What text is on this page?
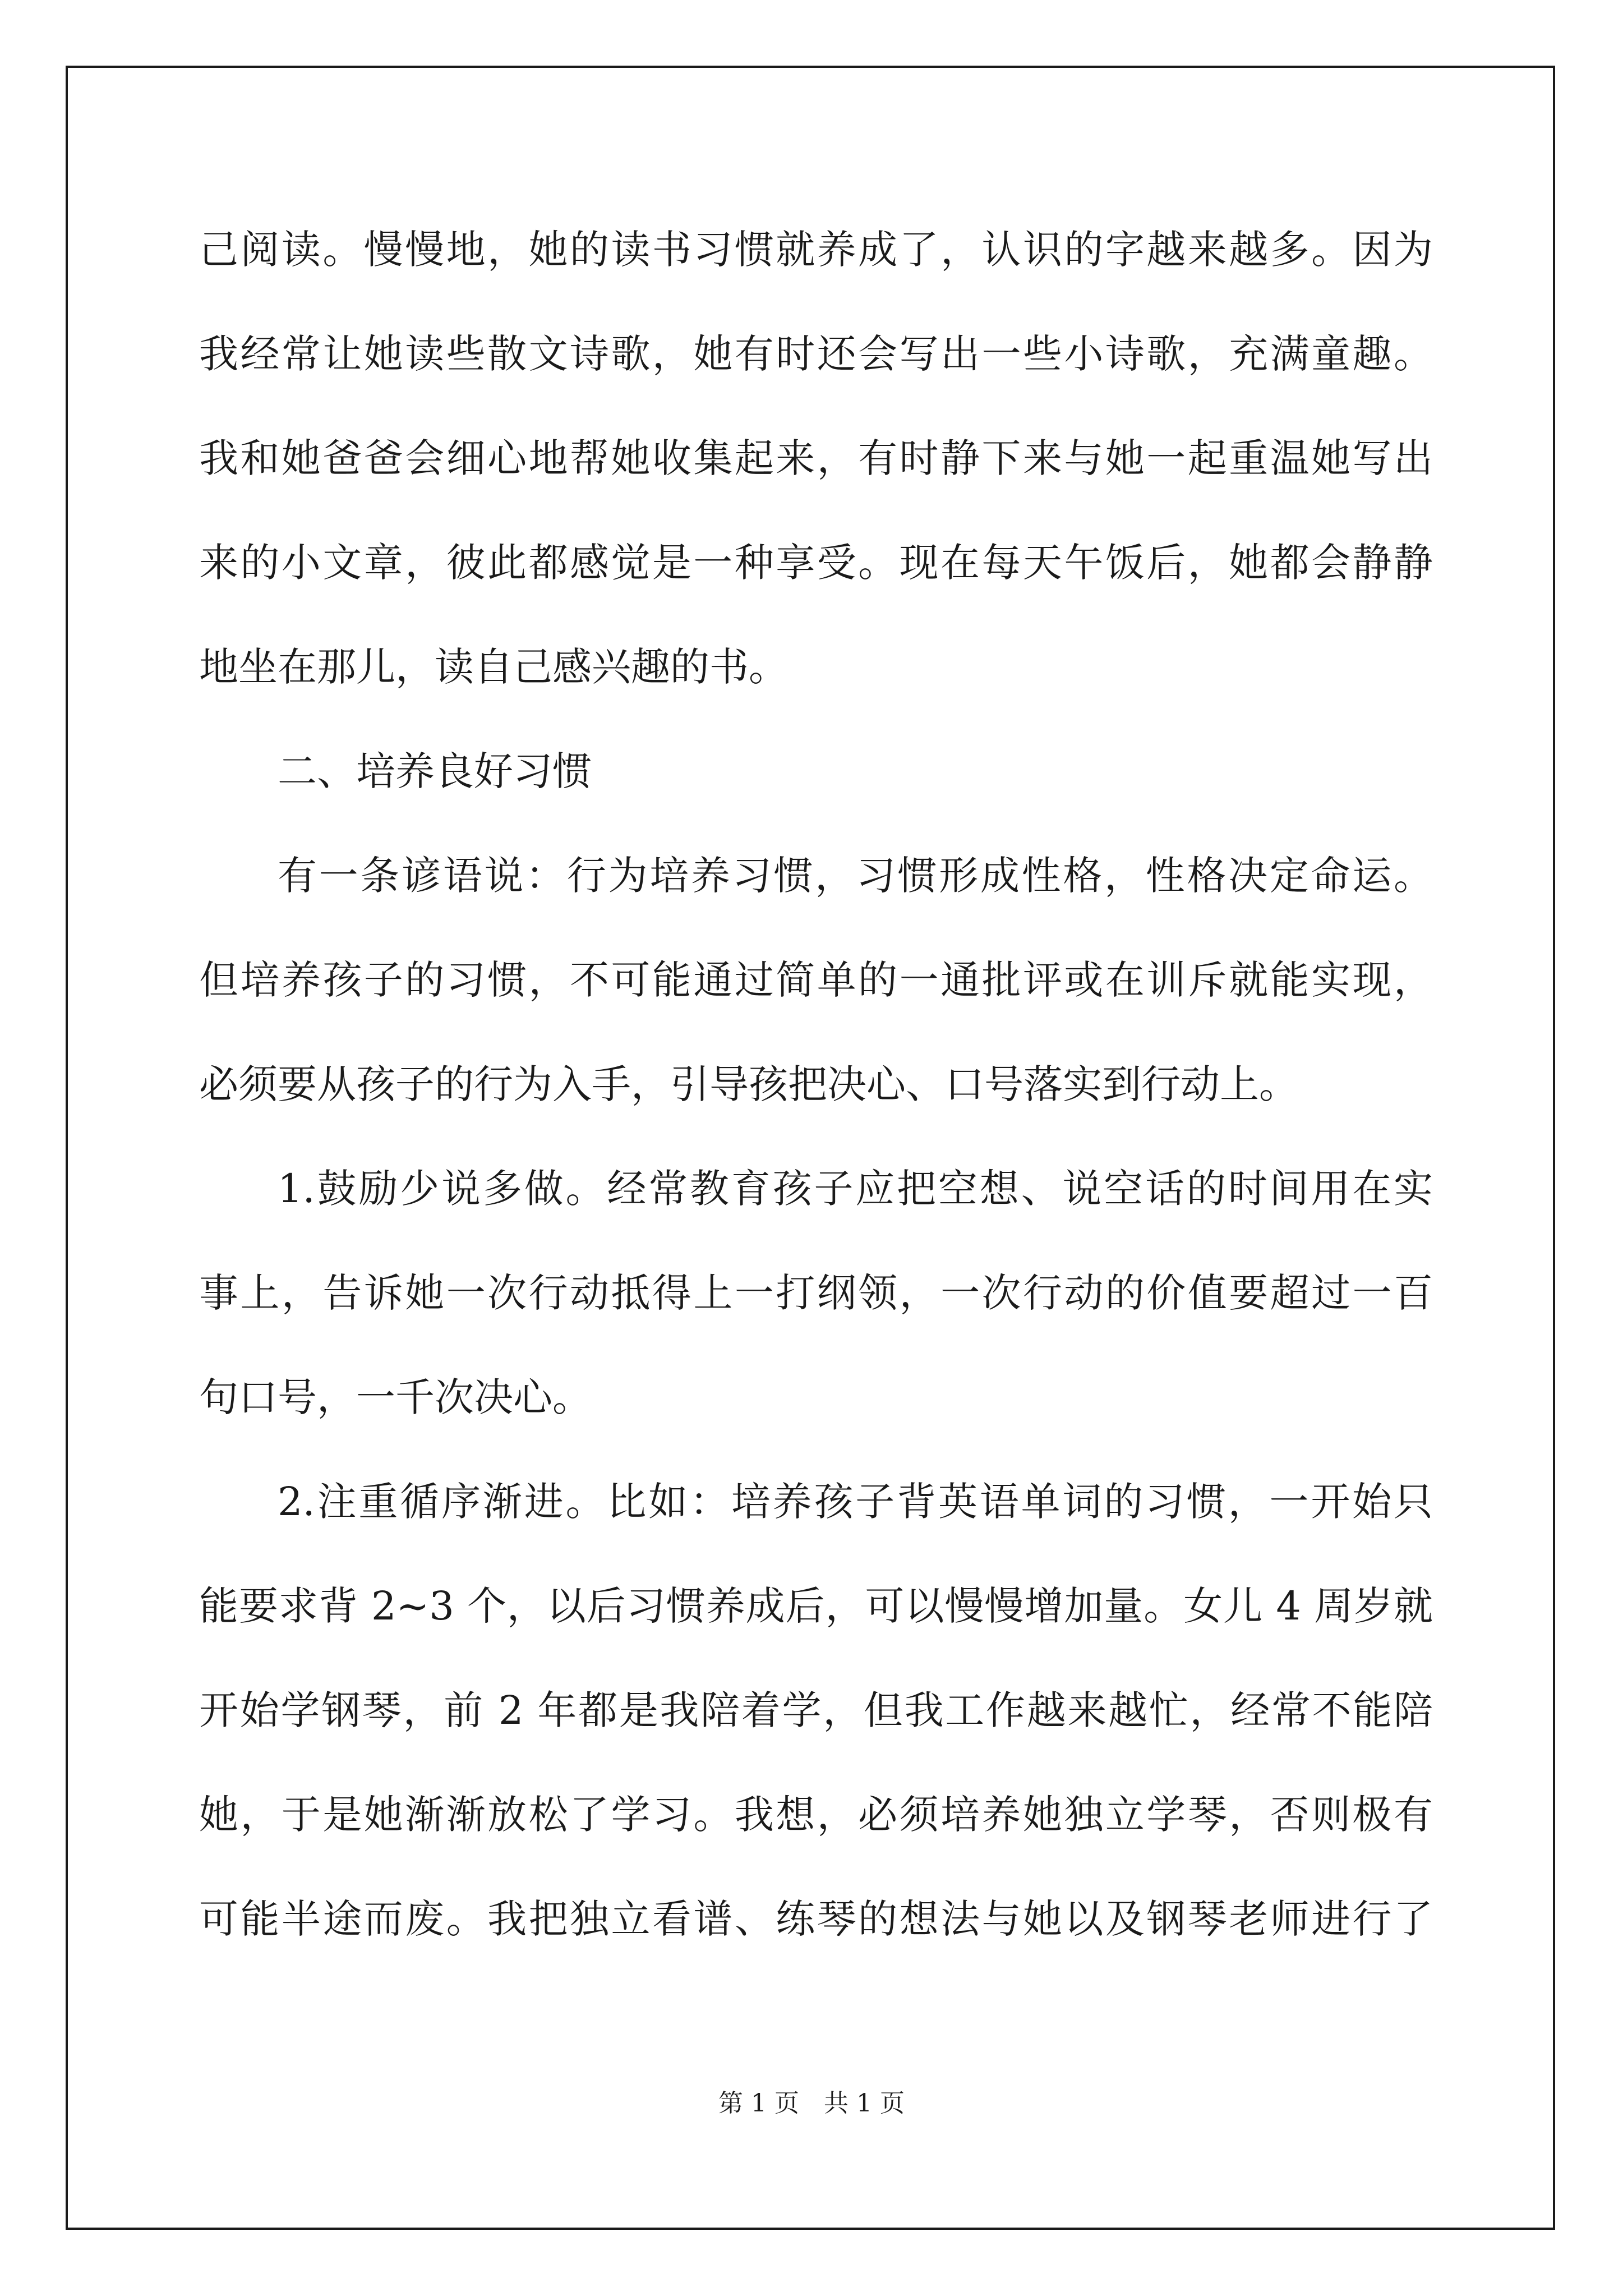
己阅读。慢慢地，她的读书习惯就养成了，认识的字越来越多。因为
我经常让她读些散文诗歌，她有时还会写出一些小诗歌，充满童趣。
我和她爸爸会细心地帮她收集起来，有时静下来与她一起重温她写出
来的小文章，彼此都感觉是一种享受。现在每天午饭后，她都会静静
地坐在那儿，读自己感兴趣的书。
二、培养良好习惯
有一条谚语说：行为培养习惯，习惯形成性格，性格决定命运。
但培养孩子的习惯，不可能通过简单的一通批评或在训斥就能实现，
必须要从孩子的行为入手，引导孩把决心、口号落实到行动上。
1.鼓励少说多做。经常教育孩子应把空想、说空话的时间用在实
事上，告诉她一次行动抵得上一打纲领，一次行动的价值要超过一百
句口号，一千次决心。
2.注重循序渐进。比如：培养孩子背英语单词的习惯，一开始只
能要求背 2~3 个，以后习惯养成后，可以慢慢增加量。女儿 4 周岁就
开始学钢琴，前 2 年都是我陪着学，但我工作越来越忙，经常不能陪
她，于是她渐渐放松了学习。我想，必须培养她独立学琴，否则极有
可能半途而废。我把独立看谱、练琴的想法与她以及钢琴老师进行了
第 1 页　共 1 页
